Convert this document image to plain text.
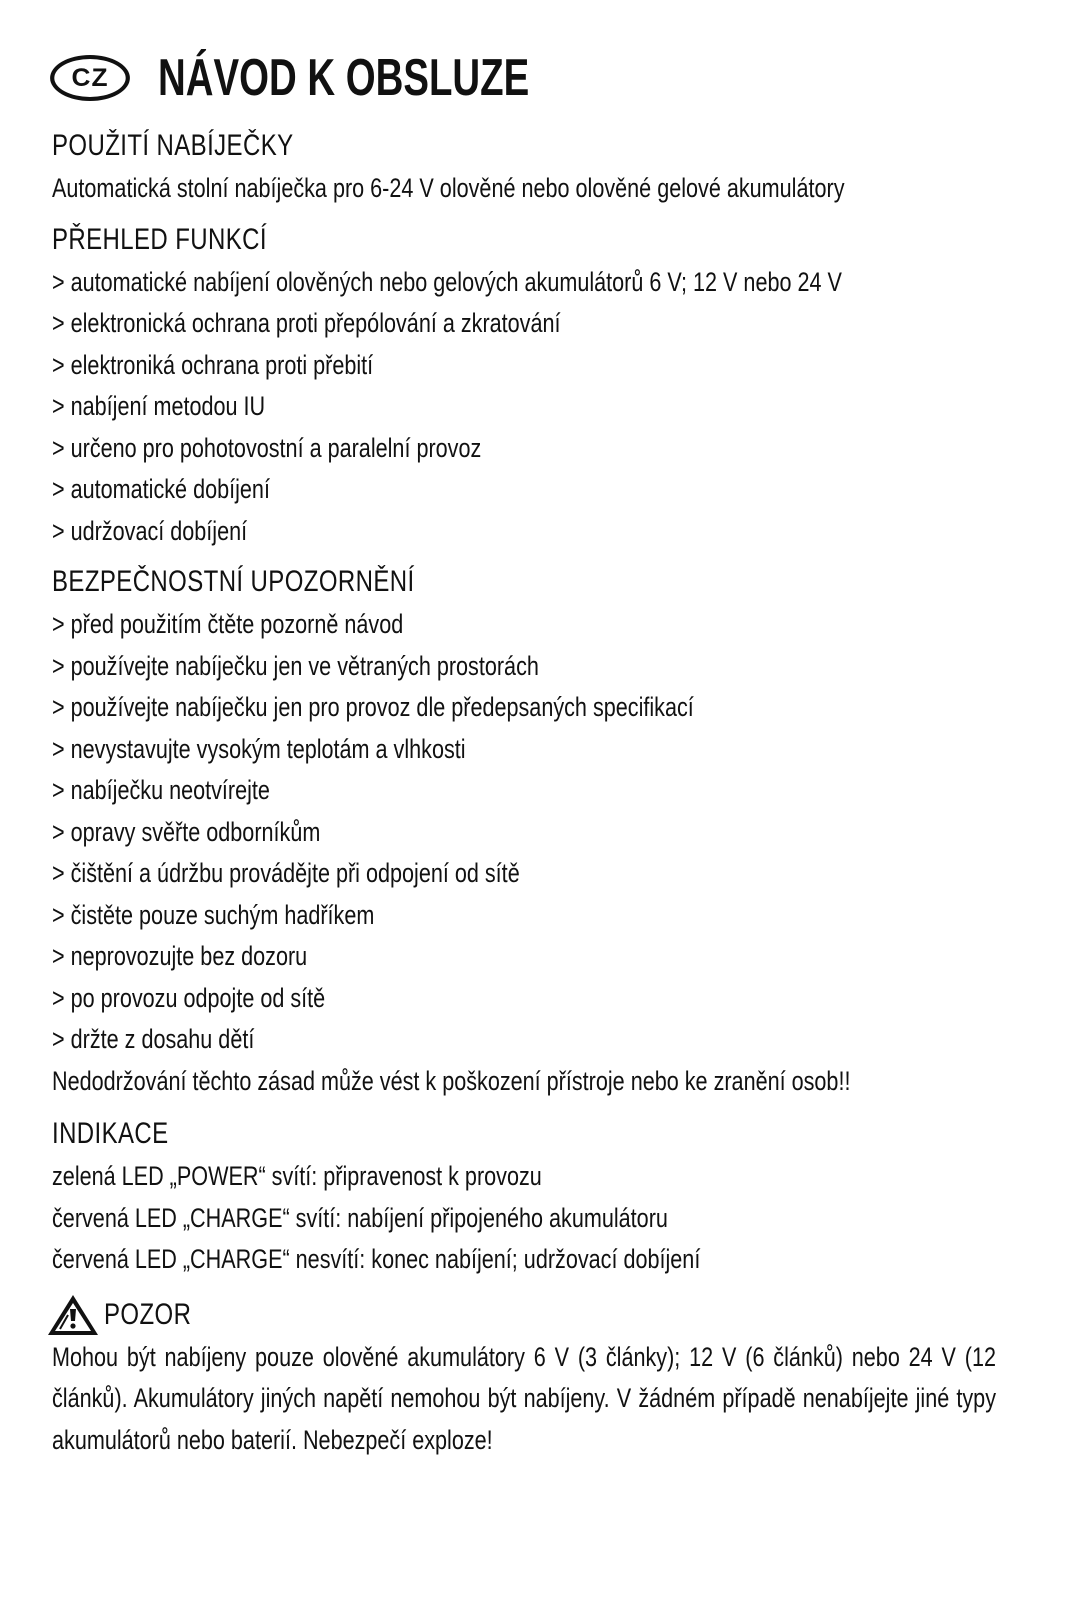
CZ	NÁVOD K OBSLUZE
POUŽITÍ NABÍJEČKY
Automatická stolní nabíječka pro 6-24 V olověné nebo olověné gelové akumulátory
PŘEHLED FUNKCÍ
> automatické nabíjení olověných nebo gelových akumulátorů 6 V; 12 V nebo 24 V
> elektronická ochrana proti přepólování a zkratování
> elektroniká ochrana proti přebití
> nabíjení metodou IU
> určeno pro pohotovostní a paralelní provoz
> automatické dobíjení
> udržovací dobíjení
BEZPEČNOSTNÍ UPOZORNĚNÍ
> před použitím čtěte pozorně návod
> používejte nabíječku jen ve větraných prostorách
> používejte nabíječku jen pro provoz dle předepsaných specifikací
> nevystavujte vysokým teplotám a vlhkosti
> nabíječku neotvírejte
> opravy svěřte odborníkům
> čištění a údržbu provádějte při odpojení od sítě
> čistěte pouze suchým hadříkem
> neprovozujte bez dozoru
> po provozu odpojte od sítě
> držte z dosahu dětí
Nedodržování těchto zásad může vést k poškození přístroje nebo ke zranění osob!!
INDIKACE
zelená LED „POWER“ svítí: připravenost k provozu
červená LED „CHARGE“ svítí: nabíjení připojeného akumulátoru
červená LED „CHARGE“ nesvítí: konec nabíjení; udržovací dobíjení
POZOR
Mohou být nabíjeny pouze olověné akumulátory 6 V (3 články); 12 V (6 článků) nebo 24 V (12 článků). Akumulátory jiných napětí nemohou být nabíjeny. V žádném případě nenabíjejte jiné typy akumulátorů nebo baterií. Nebezpečí exploze!
